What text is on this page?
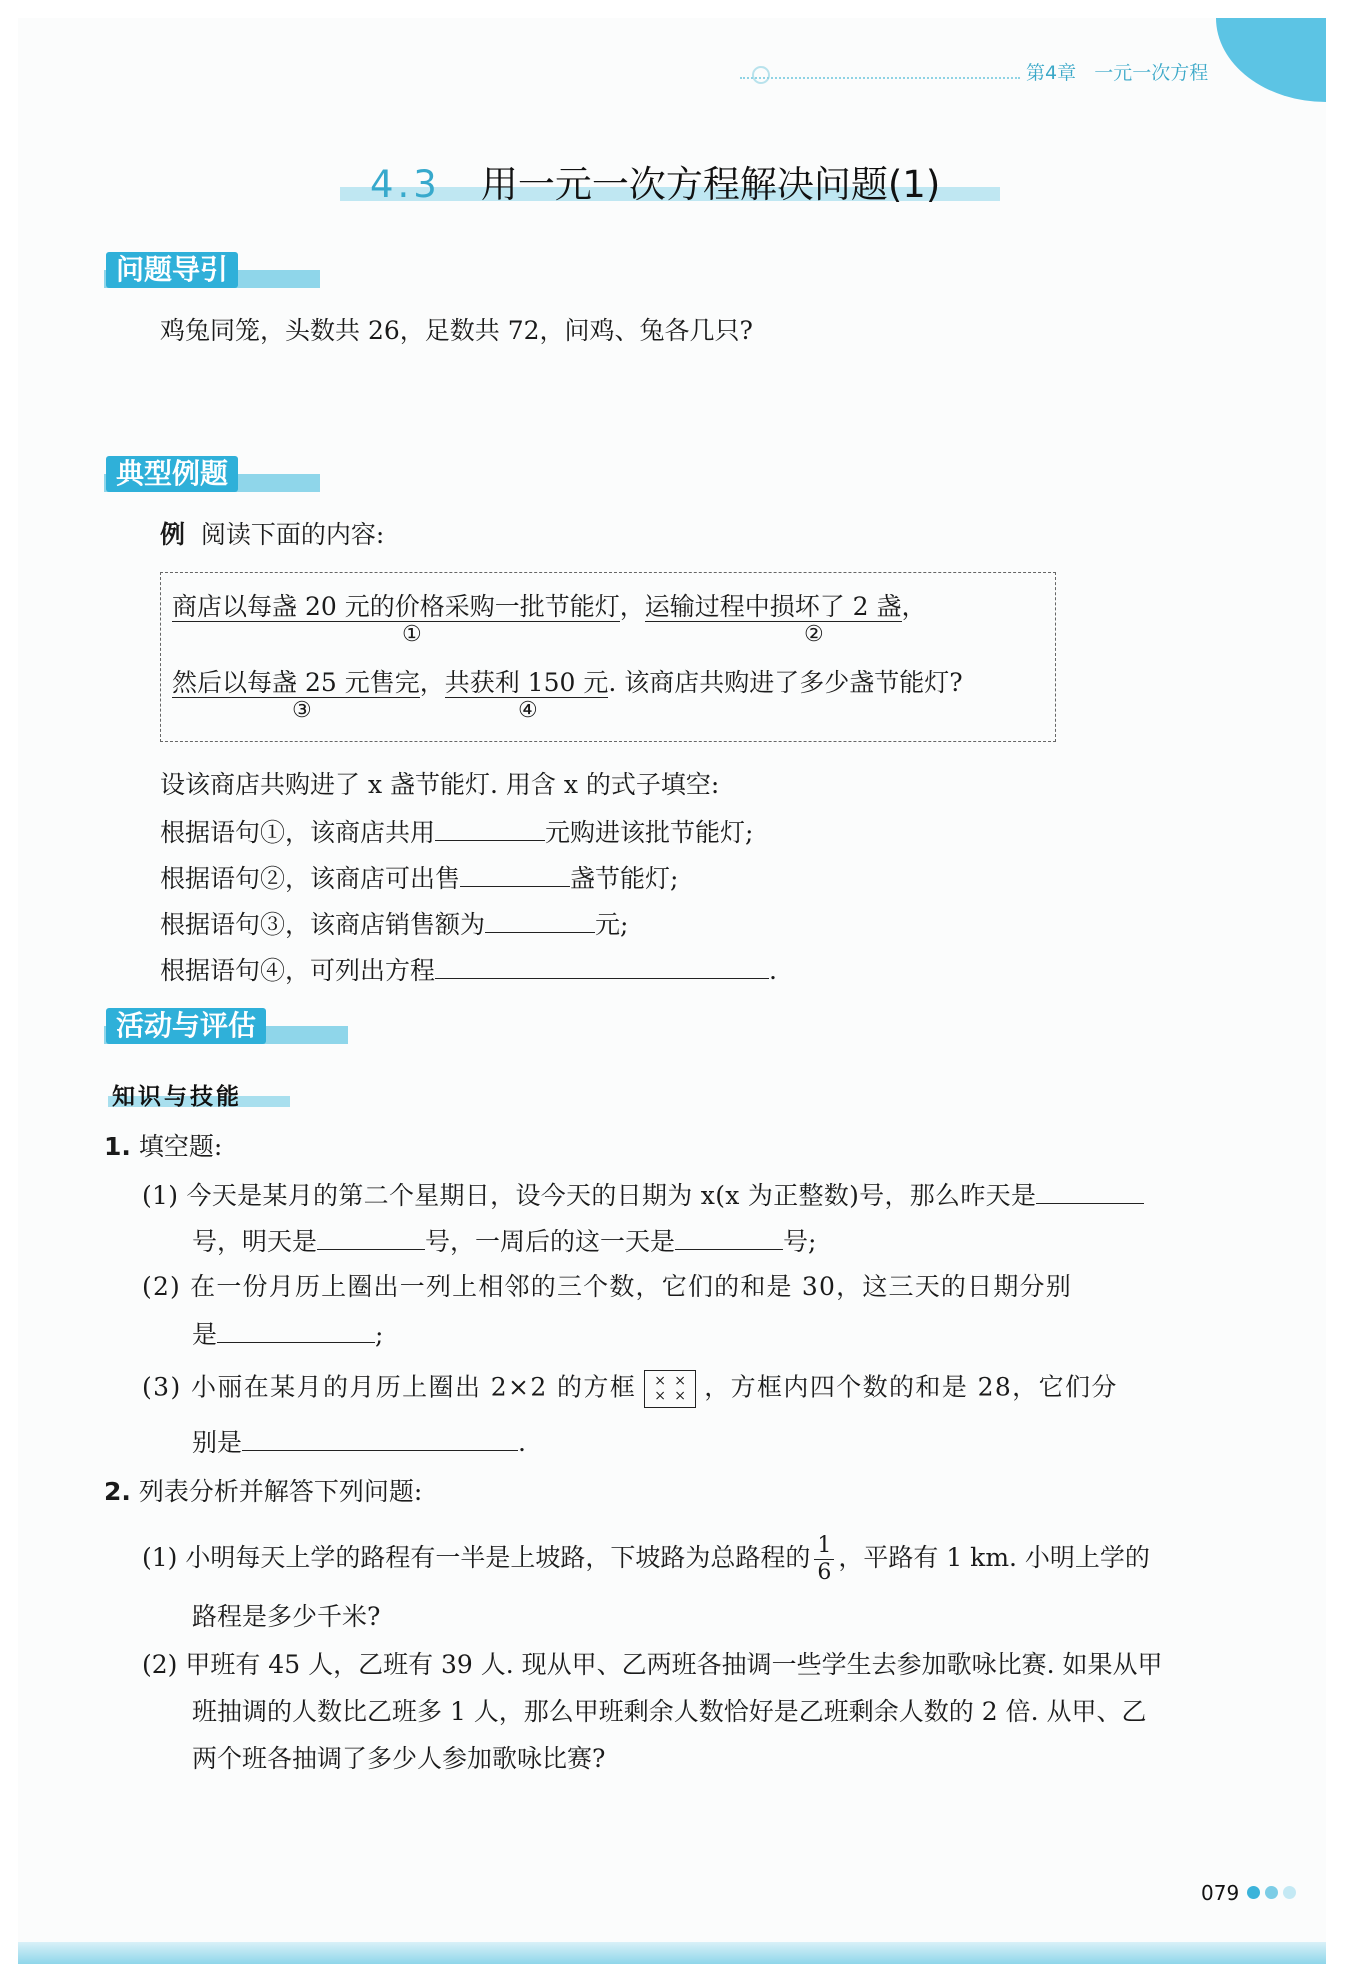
第4章 一元一次方程
4.3 用一元一次方程解决问题(1)
问题导引
鸡兔同笼，头数共 26，足数共 72，问鸡、兔各几只?
典型例题
例 阅读下面的内容:
商店以每盏 20 元的价格采购一批节能灯，运输过程中损坏了 2 盏，
①	②
然后以每盏 25 元售完，共获利 150 元. 该商店共购进了多少盏节能灯?
③	④
设该商店共购进了 x 盏节能灯. 用含 x 的式子填空:
根据语句①，该商店共用	元购进该批节能灯;
根据语句②，该商店可出售	盏节能灯;
根据语句③，该商店销售额为	元;
根据语句④，可列出方程	.
活动与评估
知识与技能
1. 填空题:
(1) 今天是某月的第二个星期日，设今天的日期为 x(x 为正整数)号，那么昨天是
号，明天是	号，一周后的这一天是	号;
(2) 在一份月历上圈出一列上相邻的三个数，它们的和是 30，这三天的日期分别
是	;
(3) 小丽在某月的月历上圈出 2×2 的方框 × ×
× × ，方框内四个数的和是 28，它们分
别是	.
2. 列表分析并解答下列问题:
(1) 小明每天上学的路程有一半是上坡路，下坡路为总路程的 $\frac{1}{6}$ ，平路有 1 km. 小明上学的
路程是多少千米?
(2) 甲班有 45 人，乙班有 39 人. 现从甲、乙两班各抽调一些学生去参加歌咏比赛. 如果从甲
班抽调的人数比乙班多 1 人，那么甲班剩余人数恰好是乙班剩余人数的 2 倍. 从甲、乙
两个班各抽调了多少人参加歌咏比赛?
079
